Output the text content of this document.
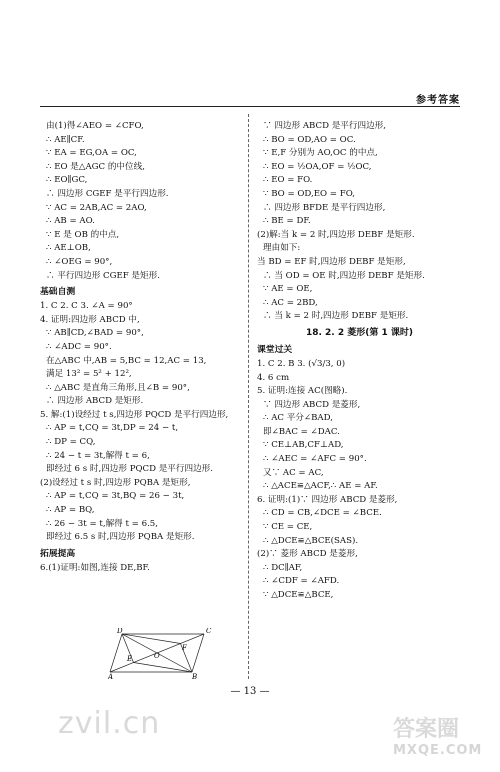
参考答案
由(1)得∠AEO = ∠CFO,
∴ AE∥CF.
∵ EA = EG,OA = OC,
∴ EO 是△AGC 的中位线,
∴ EO∥GC,
∴ 四边形 CGEF 是平行四边形.
∵ AC = 2AB,AC = 2AO,
∴ AB = AO.
∵ E 是 OB 的中点,
∴ AE⊥OB,
∴ ∠OEG = 90°,
∴ 平行四边形 CGEF 是矩形.
基础自测
1. C 2. C 3. ∠A = 90°
4. 证明:四边形 ABCD 中,
∵ AB∥CD,∠BAD = 90°,
∴ ∠ADC = 90°.
在△ABC 中,AB = 5,BC = 12,AC = 13,
满足 13² = 5² + 12²,
∴ △ABC 是直角三角形,且∠B = 90°,
∴ 四边形 ABCD 是矩形.
5. 解:(1)设经过 t s,四边形 PQCD 是平行四边形,
∴ AP = t,CQ = 3t,DP = 24 − t,
∴ DP = CQ,
∴ 24 − t = 3t,解得 t = 6,
即经过 6 s 时,四边形 PQCD 是平行四边形.
(2)设经过 t s 时,四边形 PQBA 是矩形,
∴ AP = t,CQ = 3t,BQ = 26 − 3t,
∴ AP = BQ,
∴ 26 − 3t = t,解得 t = 6.5,
即经过 6.5 s 时,四边形 PQBA 是矩形.
拓展提高
6.(1)证明:如图,连接 DE,BF.
∵ 四边形 ABCD 是平行四边形,
∴ BO = OD,AO = OC.
∵ E,F 分别为 AO,OC 的中点,
∴ EO = ½OA,OF = ½OC,
∴ EO = FO.
∵ BO = OD,EO = FO,
∴ 四边形 BFDE 是平行四边形,
∴ BE = DF.
(2)解:当 k = 2 时,四边形 DEBF 是矩形.
理由如下:
当 BD = EF 时,四边形 DEBF 是矩形,
∴ 当 OD = OE 时,四边形 DEBF 是矩形.
∵ AE = OE,
∴ AC = 2BD,
∴ 当 k = 2 时,四边形 DEBF 是矩形.
18. 2. 2 菱形(第 1 课时)
课堂过关
1. C 2. B 3. (√3/3, 0)
4. 6 cm
5. 证明:连接 AC(图略).
∵ 四边形 ABCD 是菱形,
∴ AC 平分∠BAD,
即∠BAC = ∠DAC.
∵ CE⊥AB,CF⊥AD,
∴ ∠AEC = ∠AFC = 90°.
又∵ AC = AC,
∴ △ACE≌△ACF,∴ AE = AF.
6. 证明:(1)∵ 四边形 ABCD 是菱形,
∴ CD = CB,∠DCE = ∠BCE.
∵ CE = CE,
∴ △DCE≌△BCE(SAS).
(2)∵ 菱形 ABCD 是菱形,
∴ DC∥AF,
∴ ∠CDF = ∠AFD.
∵ △DCE≌△BCE,
D	C
E	O
F
A	B
— 13 —
zvil.cn	答案圈
MXQE.COM
